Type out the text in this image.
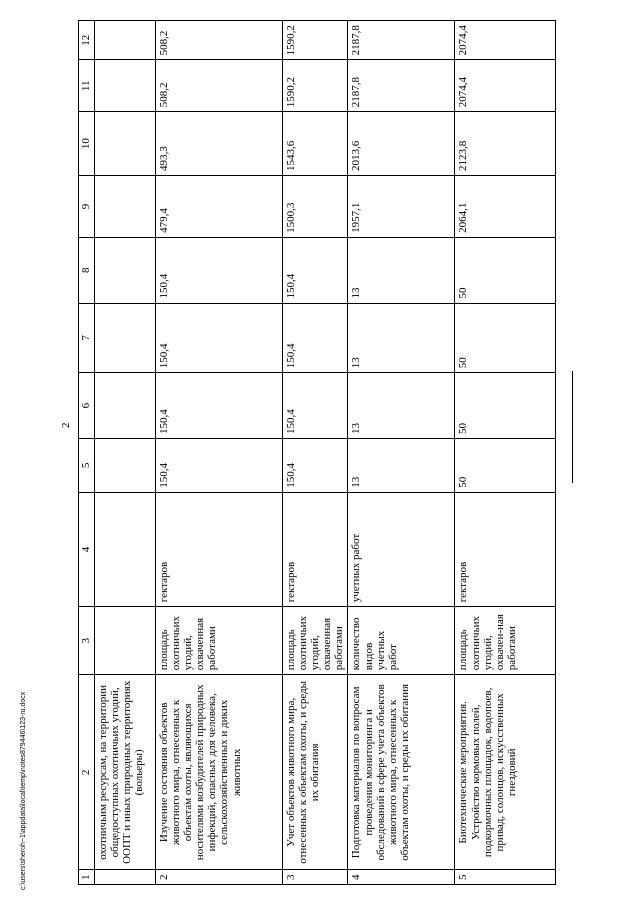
2
1	2	3	4	5	6	7	8	9	10	11	12
	охотничьим ресурсам, на территории общедоступных охотничьих угодий, ООПТ и иных природных территориях (вольеры)										
2	Изучение состояния объектов животного мира, отнесенных к объектам охоты, являющихся носителями возбудителей природных инфекций, опасных для человека, сельскохозяйственных и диких животных	площадь охотничьих угодий, охваченная работами	гектаров	150,4	150,4	150,4	150,4	479,4	493,3	508,2	508,2
3	Учет объектов животного мира, отнесенных к объектам охоты, и среды их обитания	площадь охотничьих угодий, охваченная работами	гектаров	150,4	150,4	150,4	150,4	1500,3	1543,6	1590,2	1590,2
4	Подготовка материалов по вопросам проведения мониторинга и обследований в сфере учета объектов животного мира, отнесенных к объектам охоты, и среды их обитания	количество видов учетных работ	учетных работ	13	13	13	13	1957,1	2013,6	2187,8	2187,8
5	Биотехнические мероприятия. Устройство кормовых полей, подкормочных площадок, водопоев, привад, солонцов, искусственных гнездовий	площадь охотничьих угодий, охвачен-ная работами	гектаров	50	50	50	50	2064,1	2123,8	2074,4	2074,4
c:\users\sheroh~1\appdata\local\temp\notes879446\123-ru.docx
